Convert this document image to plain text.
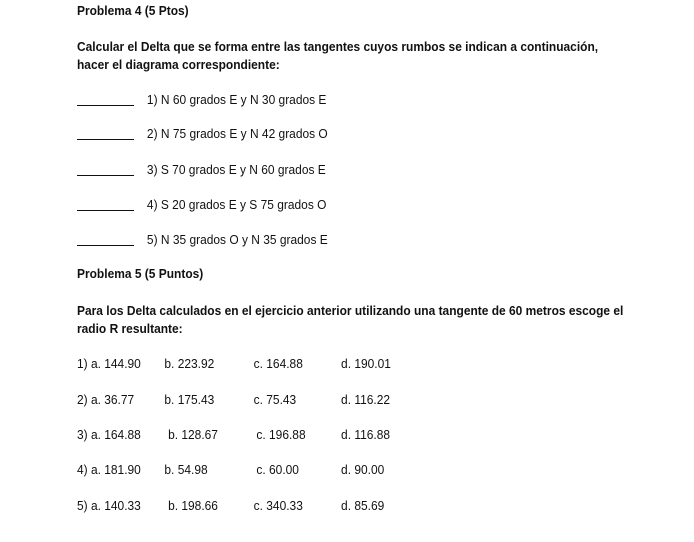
Problema 4 (5 Ptos)
Calcular el Delta que se forma entre las tangentes cuyos rumbos se indican a continuación, hacer el diagrama correspondiente:
1) N 60 grados E y N 30 grados E
2) N 75 grados E y N 42 grados O
3) S 70 grados E y N 60 grados E
4) S 20 grados E y S 75 grados O
5) N 35 grados O y N 35 grados E
Problema 5 (5 Puntos)
Para los Delta calculados en el ejercicio anterior utilizando una tangente de 60 metros escoge el radio R resultante:
1) a. 144.90 b. 223.92	c. 164.88	d. 190.01
2) a. 36.77 b. 175.43	c. 75.43	d. 116.22
3) a. 164.88 b. 128.67	c. 196.88	d. 116.88
4) a. 181.90 b. 54.98	c. 60.00	d. 90.00
5) a. 140.33 b. 198.66	c. 340.33	d. 85.69
